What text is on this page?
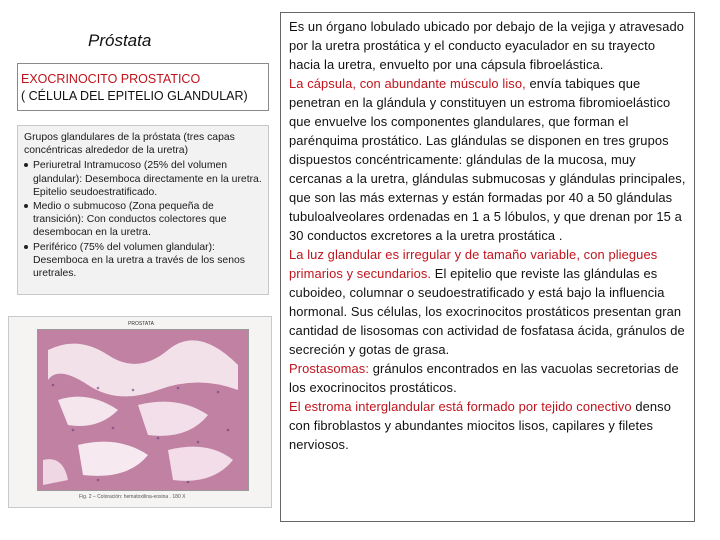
Próstata
EXOCRINOCITO PROSTATICO
( CÉLULA DEL EPITELIO GLANDULAR)
Grupos glandulares de la próstata (tres capas concéntricas alrededor de la uretra)
Periuretral Intramucoso (25% del volumen glandular): Desemboca directamente en la uretra. Epitelio seudoestratificado.
Medio o submucoso (Zona pequeña de transición): Con conductos colectores que desembocan en la uretra.
Periférico (75% del volumen glandular): Desemboca en la uretra a través de los senos uretrales.
PROSTATA
Fig. 2 – Coloración: hematoxilina-eosina . 180 X

Es un órgano lobulado ubicado por debajo de la vejiga y atravesado por la uretra prostática y el conducto eyaculador en su trayecto hacia la uretra, envuelto por una cápsula fibroelástica.

La cápsula, con abundante músculo liso, envía tabiques que penetran en la glándula y constituyen un estroma fibromioelástico que envuelve los componentes glandulares, que forman el parénquima prostático. Las glándulas se disponen en tres grupos dispuestos concéntricamente: glándulas de la mucosa, muy cercanas a la uretra, glándulas submucosas y glándulas principales, que son las más externas y están formadas por 40 a 50 glándulas tubuloalveolares ordenadas en 1 a 5 lóbulos, y que drenan por 15 a 30 conductos excretores a la uretra prostática .

La luz glandular es irregular y de tamaño variable, con pliegues primarios y secundarios. El epitelio que reviste las glándulas es cuboideo, columnar o seudoestratificado y está bajo la influencia hormonal. Sus células, los exocrinocitos prostáticos presentan gran cantidad de lisosomas con actividad de fosfatasa ácida, gránulos de secreción y gotas de grasa.

Prostasomas: gránulos encontrados en las vacuolas secretorias de los exocrinocitos prostáticos.

El estroma interglandular está formado por tejido conectivo denso con fibroblastos y abundantes miocitos lisos, capilares y filetes nerviosos.
